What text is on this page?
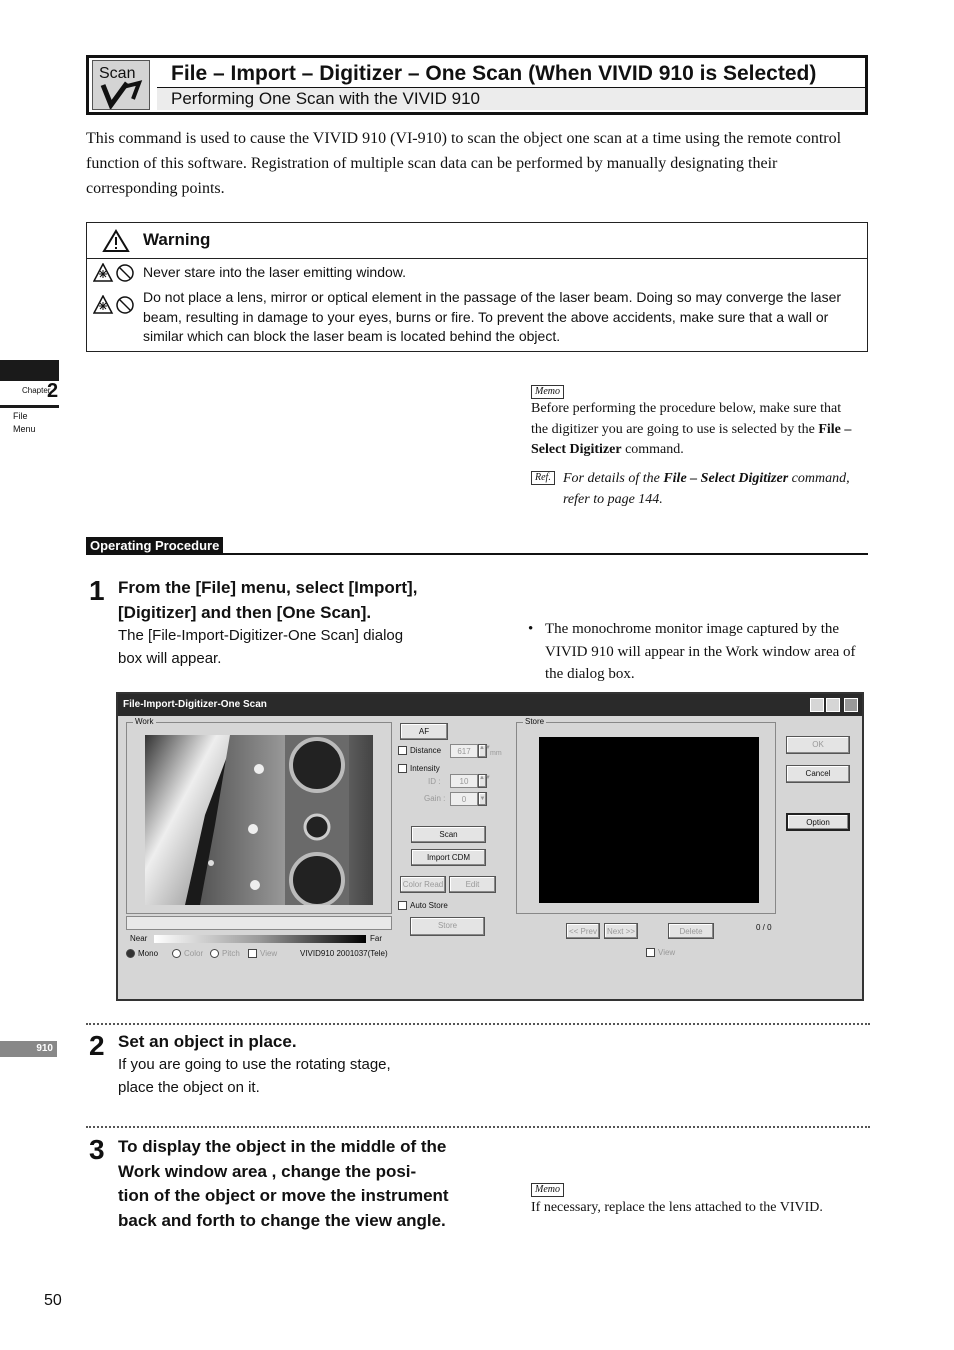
Scan File – Import – Digitizer – One Scan (When VIVID 910 is Selected)
Performing One Scan with the VIVID 910
This command is used to cause the VIVID 910 (VI-910) to scan the object one scan at a time using the remote control function of this software. Registration of multiple scan data can be performed by manually designating their corresponding points.
Warning
Never stare into the laser emitting window.
Do not place a lens, mirror or optical element in the passage of the laser beam. Doing so may converge the laser beam, resulting in damage to your eyes, burns or fire. To prevent the above accidents, make sure that a wall or similar which can block the laser beam is located behind the object.
Chapter
2
File
Menu
910
Memo
Before performing the procedure below, make sure that the digitizer you are going to use is selected by the File – Select Digitizer command.
Ref. For details of the File – Select Digitizer command, refer to page 144.
Operating Procedure
1 From the [File] menu, select [Import],
[Digitizer] and then [One Scan].
The [File-Import-Digitizer-One Scan] dialog
box will appear.
• The monochrome monitor image captured by the VIVID 910 will appear in the Work window area of the dialog box.
File-Import-Digitizer-One Scan
Work
Near	Far
Mono	Color	Pitch	View	VIVID910 2001037(Tele)
AF
Distance	617	▲▼
mm
Intensity
ID :	10	▲▼
Gain :	0	▼
Scan
Import CDM
Color Read	Edit
Auto Store
Store
Store
<< Prev	Next >>	Delete	0 / 0
View
OK
Cancel
Option
2 Set an object in place.
If you are going to use the rotating stage,
place the object on it.
3 To display the object in the middle of the
Work window area , change the posi-
tion of the object or move the instrument
back and forth to change the view angle.
Memo
If necessary, replace the lens attached to the VIVID.
50
